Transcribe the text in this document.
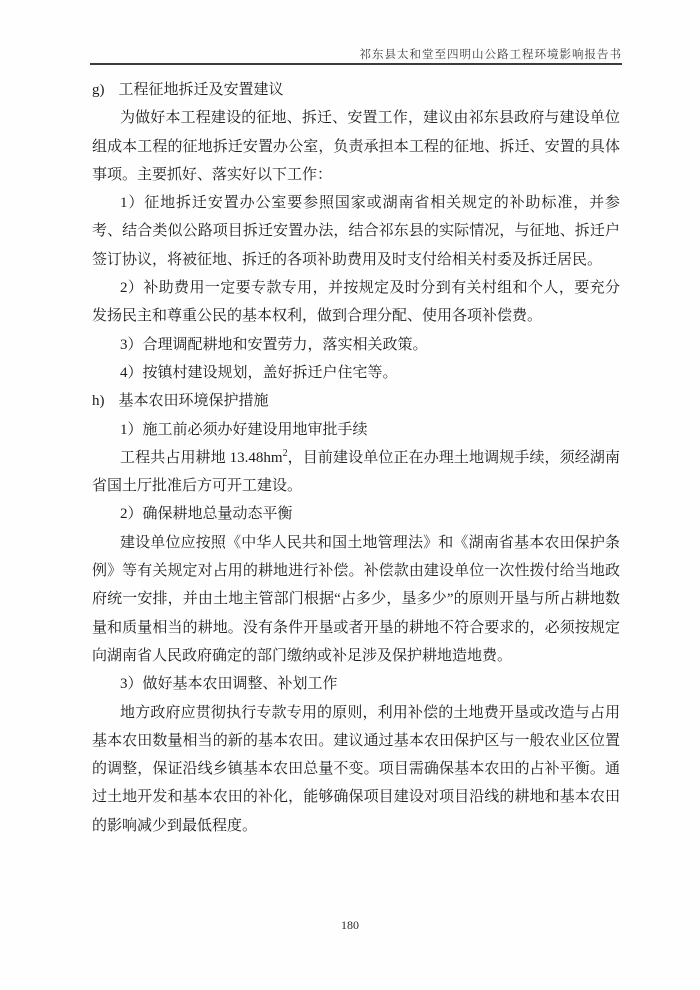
祁东县太和堂至四明山公路工程环境影响报告书

g) 工程征地拆迁及安置建议

为做好本工程建设的征地、拆迁、安置工作，建议由祁东县政府与建设单位组成本工程的征地拆迁安置办公室，负责承担本工程的征地、拆迁、安置的具体事项。主要抓好、落实好以下工作：

1）征地拆迁安置办公室要参照国家或湖南省相关规定的补助标准，并参考、结合类似公路项目拆迁安置办法，结合祁东县的实际情况，与征地、拆迁户签订协议，将被征地、拆迁的各项补助费用及时支付给相关村委及拆迁居民。

2）补助费用一定要专款专用，并按规定及时分到有关村组和个人，要充分发扬民主和尊重公民的基本权利，做到合理分配、使用各项补偿费。

3）合理调配耕地和安置劳力，落实相关政策。

4）按镇村建设规划，盖好拆迁户住宅等。

h) 基本农田环境保护措施

1）施工前必须办好建设用地审批手续

工程共占用耕地 $13.48hm^2$，目前建设单位正在办理土地调规手续，须经湖南省国土厅批准后方可开工建设。

2）确保耕地总量动态平衡

建设单位应按照《中华人民共和国土地管理法》和《湖南省基本农田保护条例》等有关规定对占用的耕地进行补偿。补偿款由建设单位一次性拨付给当地政府统一安排，并由土地主管部门根据“占多少，垦多少”的原则开垦与所占耕地数量和质量相当的耕地。没有条件开垦或者开垦的耕地不符合要求的，必须按规定向湖南省人民政府确定的部门缴纳或补足涉及保护耕地造地费。

3）做好基本农田调整、补划工作

地方政府应贯彻执行专款专用的原则，利用补偿的土地费开垦或改造与占用基本农田数量相当的新的基本农田。建议通过基本农田保护区与一般农业区位置的调整，保证沿线乡镇基本农田总量不变。项目需确保基本农田的占补平衡。通过土地开发和基本农田的补化，能够确保项目建设对项目沿线的耕地和基本农田的影响减少到最低程度。

180
